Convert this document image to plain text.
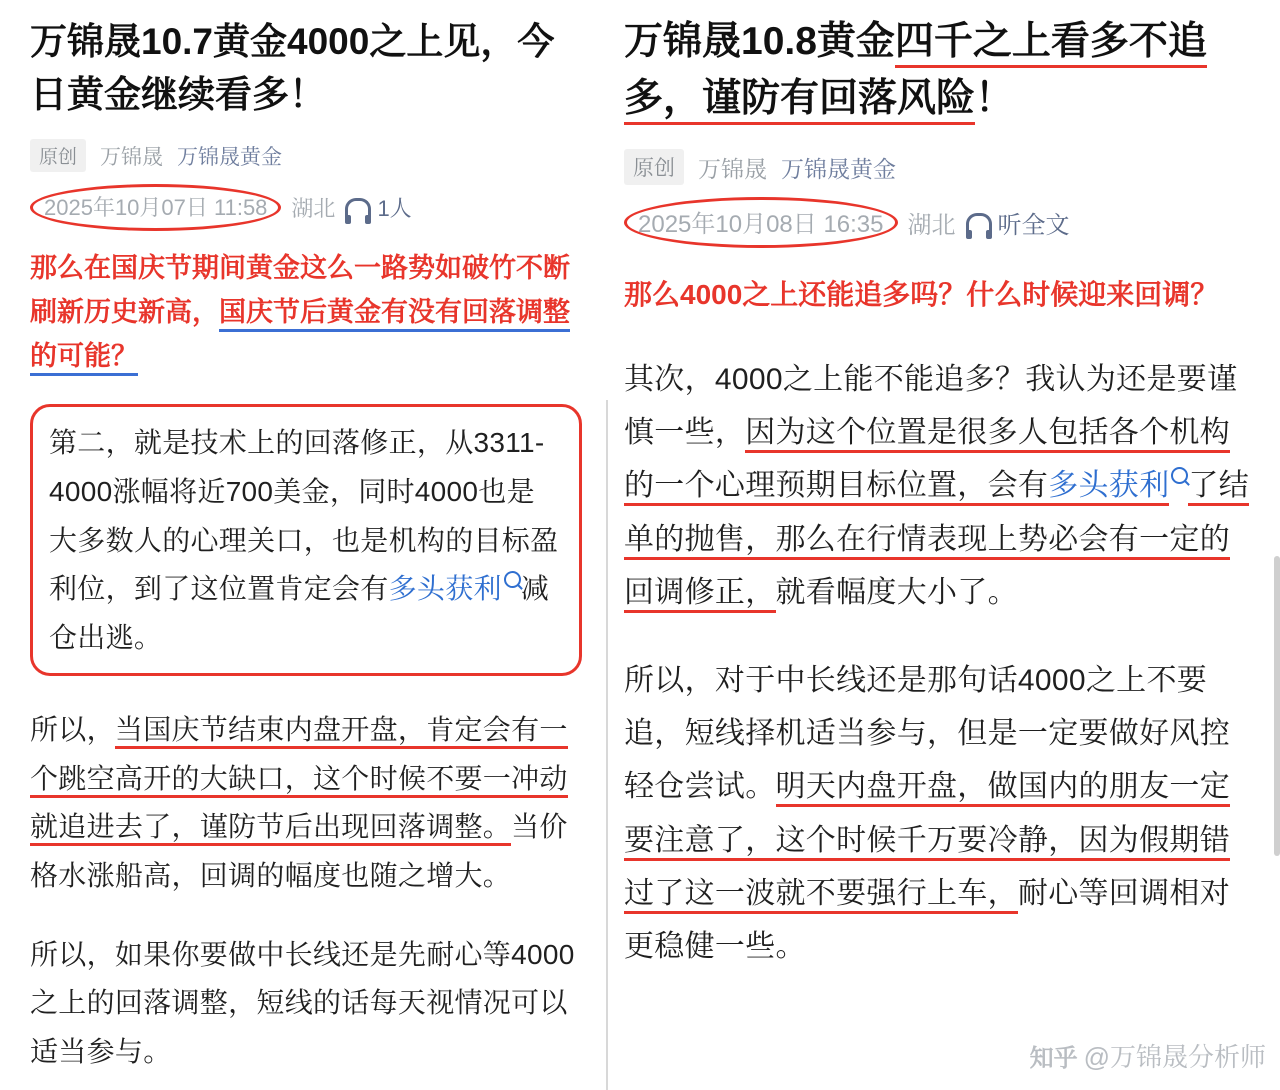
万锦晟10.7黄金4000之上见，今日黄金继续看多！
原创	万锦晟 万锦晟黄金
2025年10月07日 11:58	湖北 1人
那么在国庆节期间黄金这么一路势如破竹不断刷新历史新高，国庆节后黄金有没有回落调整的可能？

第二，就是技术上的回落修正，从3311-4000涨幅将近700美金，同时4000也是大多数人的心理关口，也是机构的目标盈利位，到了这位置肯定会有多头获利 减仓出逃。

所以，当国庆节结束内盘开盘，肯定会有一个跳空高开的大缺口，这个时候不要一冲动就追进去了，谨防节后出现回落调整。当价格水涨船高，回调的幅度也随之增大。

所以，如果你要做中长线还是先耐心等4000之上的回落调整，短线的话每天视情况可以适当参与。

万锦晟10.8黄金四千之上看多不追多，谨防有回落风险！
原创	万锦晟 万锦晟黄金
2025年10月08日 16:35	湖北 听全文
那么4000之上还能追多吗？什么时候迎来回调？

其次，4000之上能不能追多？我认为还是要谨慎一些，因为这个位置是很多人包括各个机构的一个心理预期目标位置，会有多头获利 了结单的抛售，那么在行情表现上势必会有一定的回调修正，就看幅度大小了。

所以，对于中长线还是那句话4000之上不要追，短线择机适当参与，但是一定要做好风控轻仓尝试。明天内盘开盘，做国内的朋友一定要注意了，这个时候千万要冷静，因为假期错过了这一波就不要强行上车，耐心等回调相对更稳健一些。

知乎 @万锦晟分析师
